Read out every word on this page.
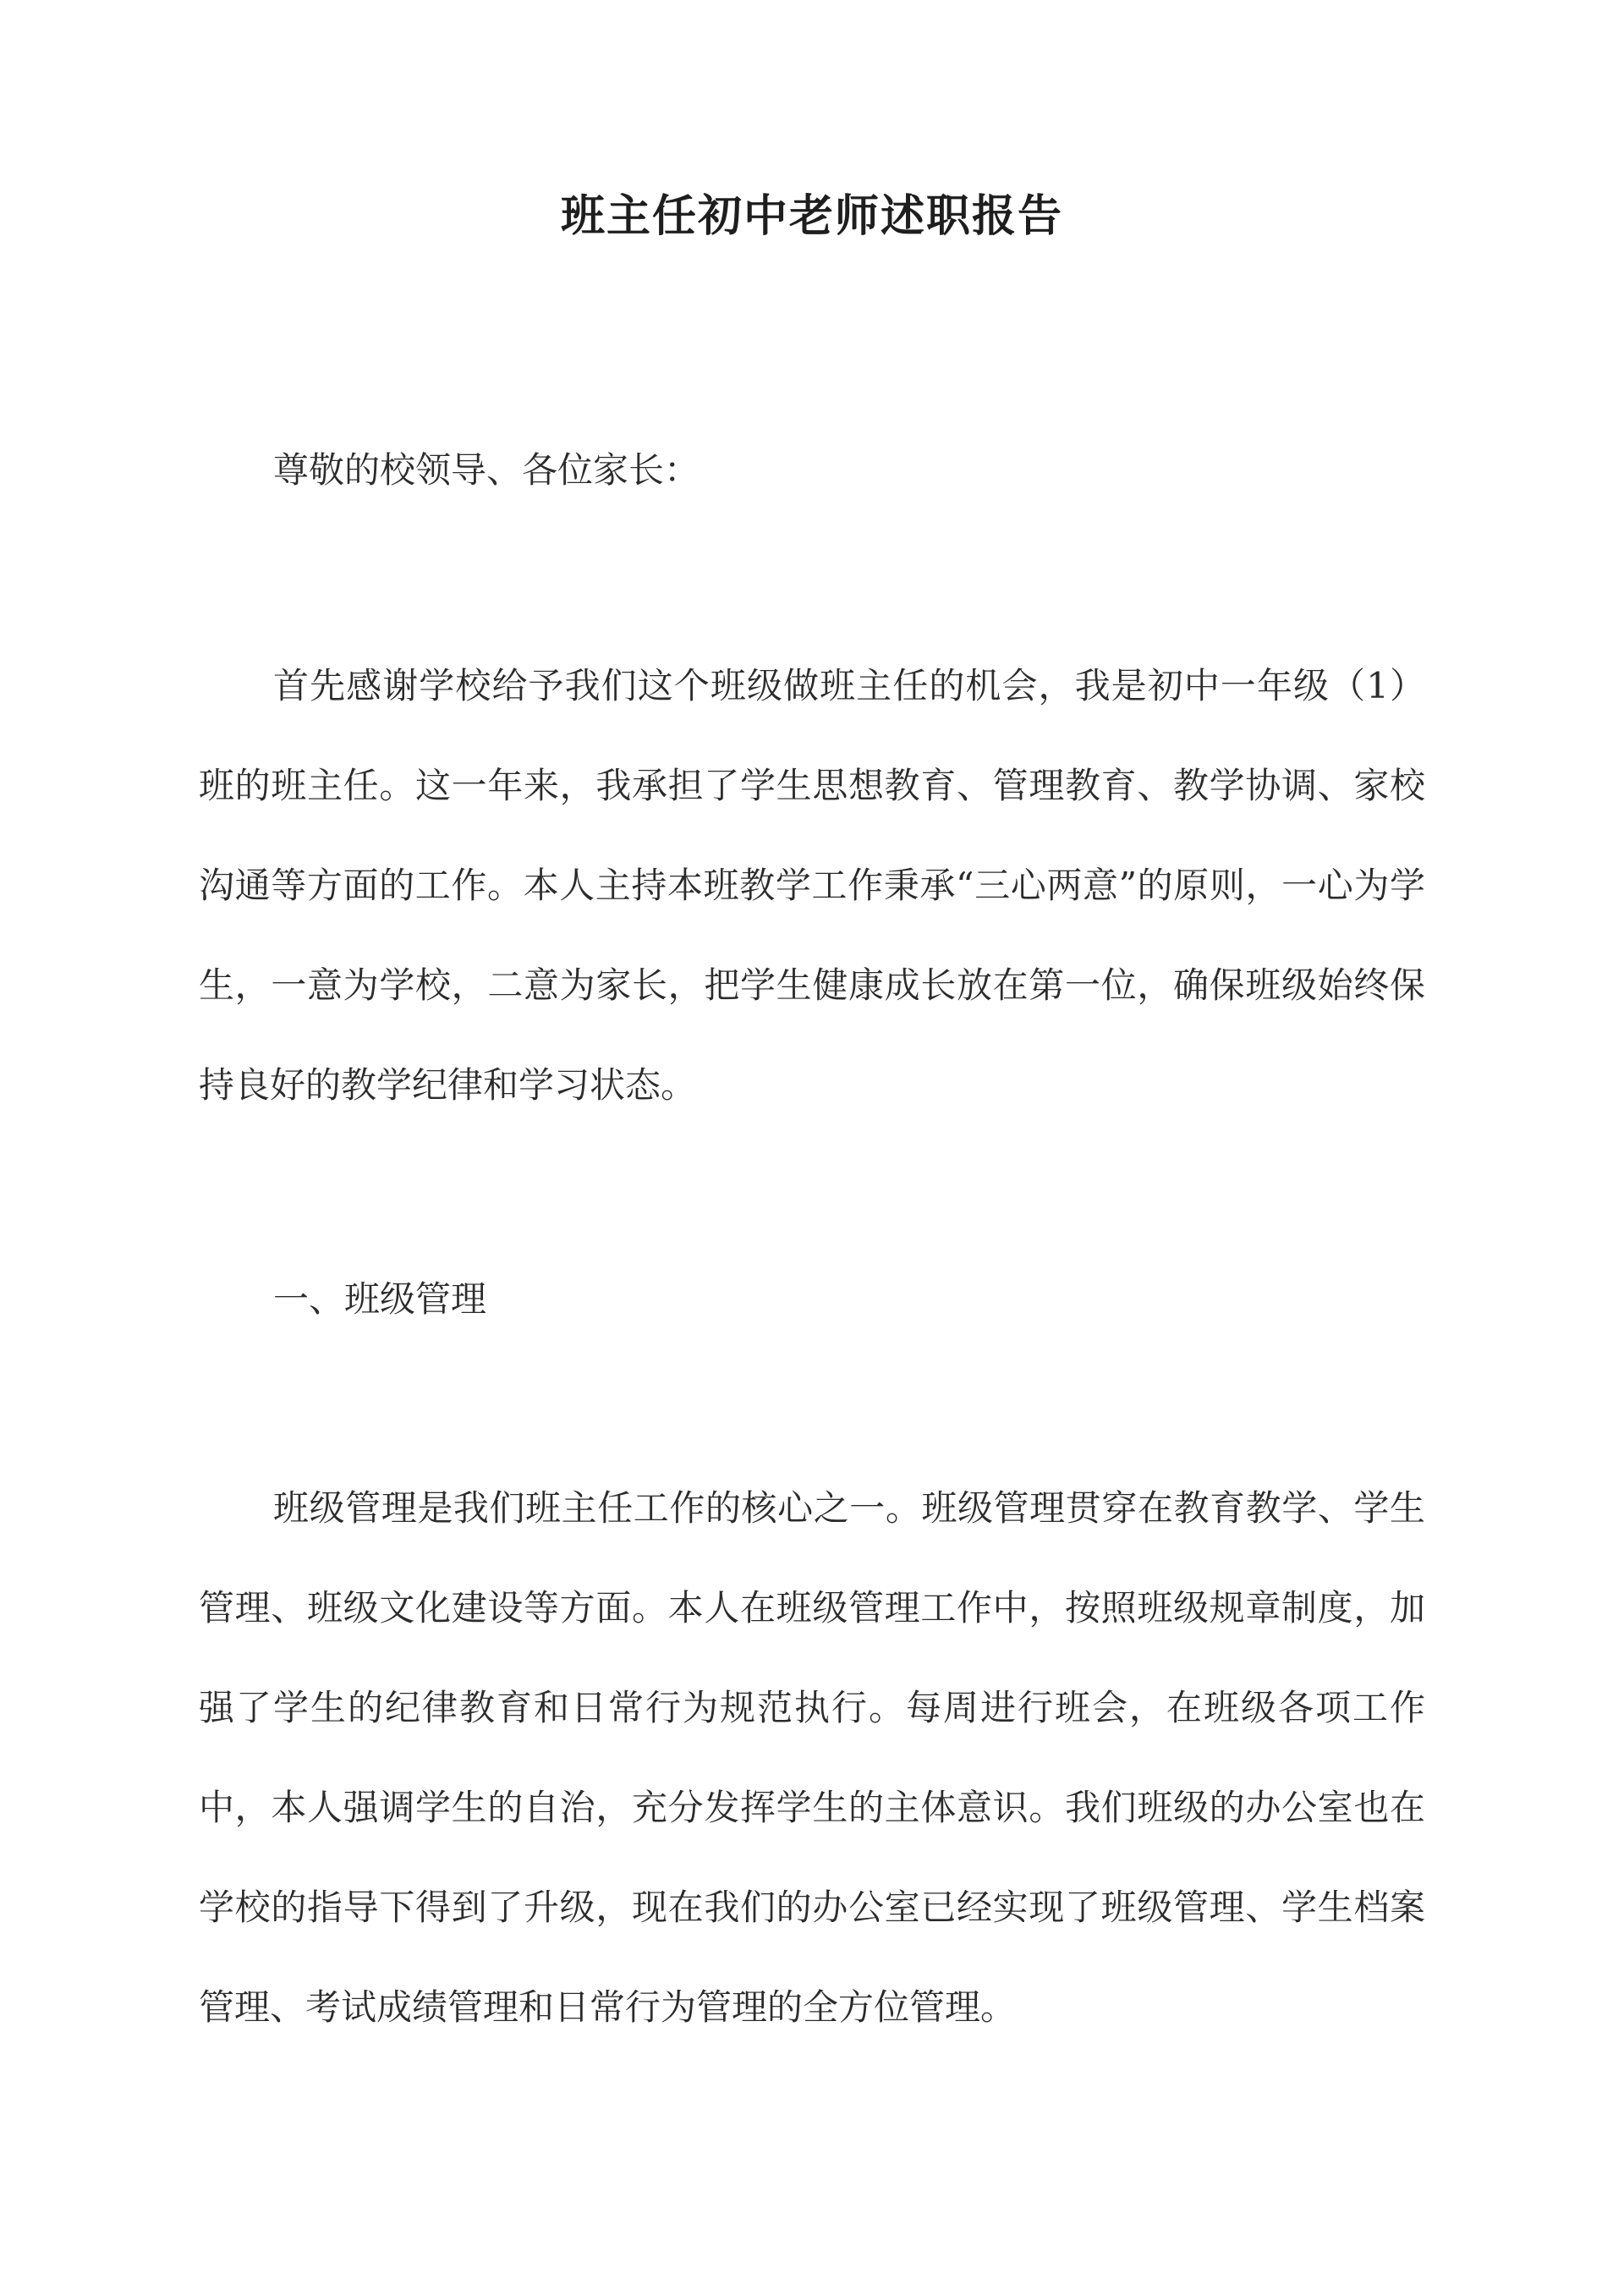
班主任初中老师述职报告

尊敬的校领导、各位家长：

首先感谢学校给予我们这个班级做班主任的机会，我是初中一年级（1）班的班主任。这一年来，我承担了学生思想教育、管理教育、教学协调、家校沟通等方面的工作。本人主持本班教学工作秉承“三心两意”的原则，一心为学生，一意为学校，二意为家长，把学生健康成长放在第一位，确保班级始终保持良好的教学纪律和学习状态。

一、班级管理

班级管理是我们班主任工作的核心之一。班级管理贯穿在教育教学、学生管理、班级文化建设等方面。本人在班级管理工作中，按照班级规章制度，加强了学生的纪律教育和日常行为规范执行。每周进行班会，在班级各项工作中，本人强调学生的自治，充分发挥学生的主体意识。我们班级的办公室也在学校的指导下得到了升级，现在我们的办公室已经实现了班级管理、学生档案管理、考试成绩管理和日常行为管理的全方位管理。
